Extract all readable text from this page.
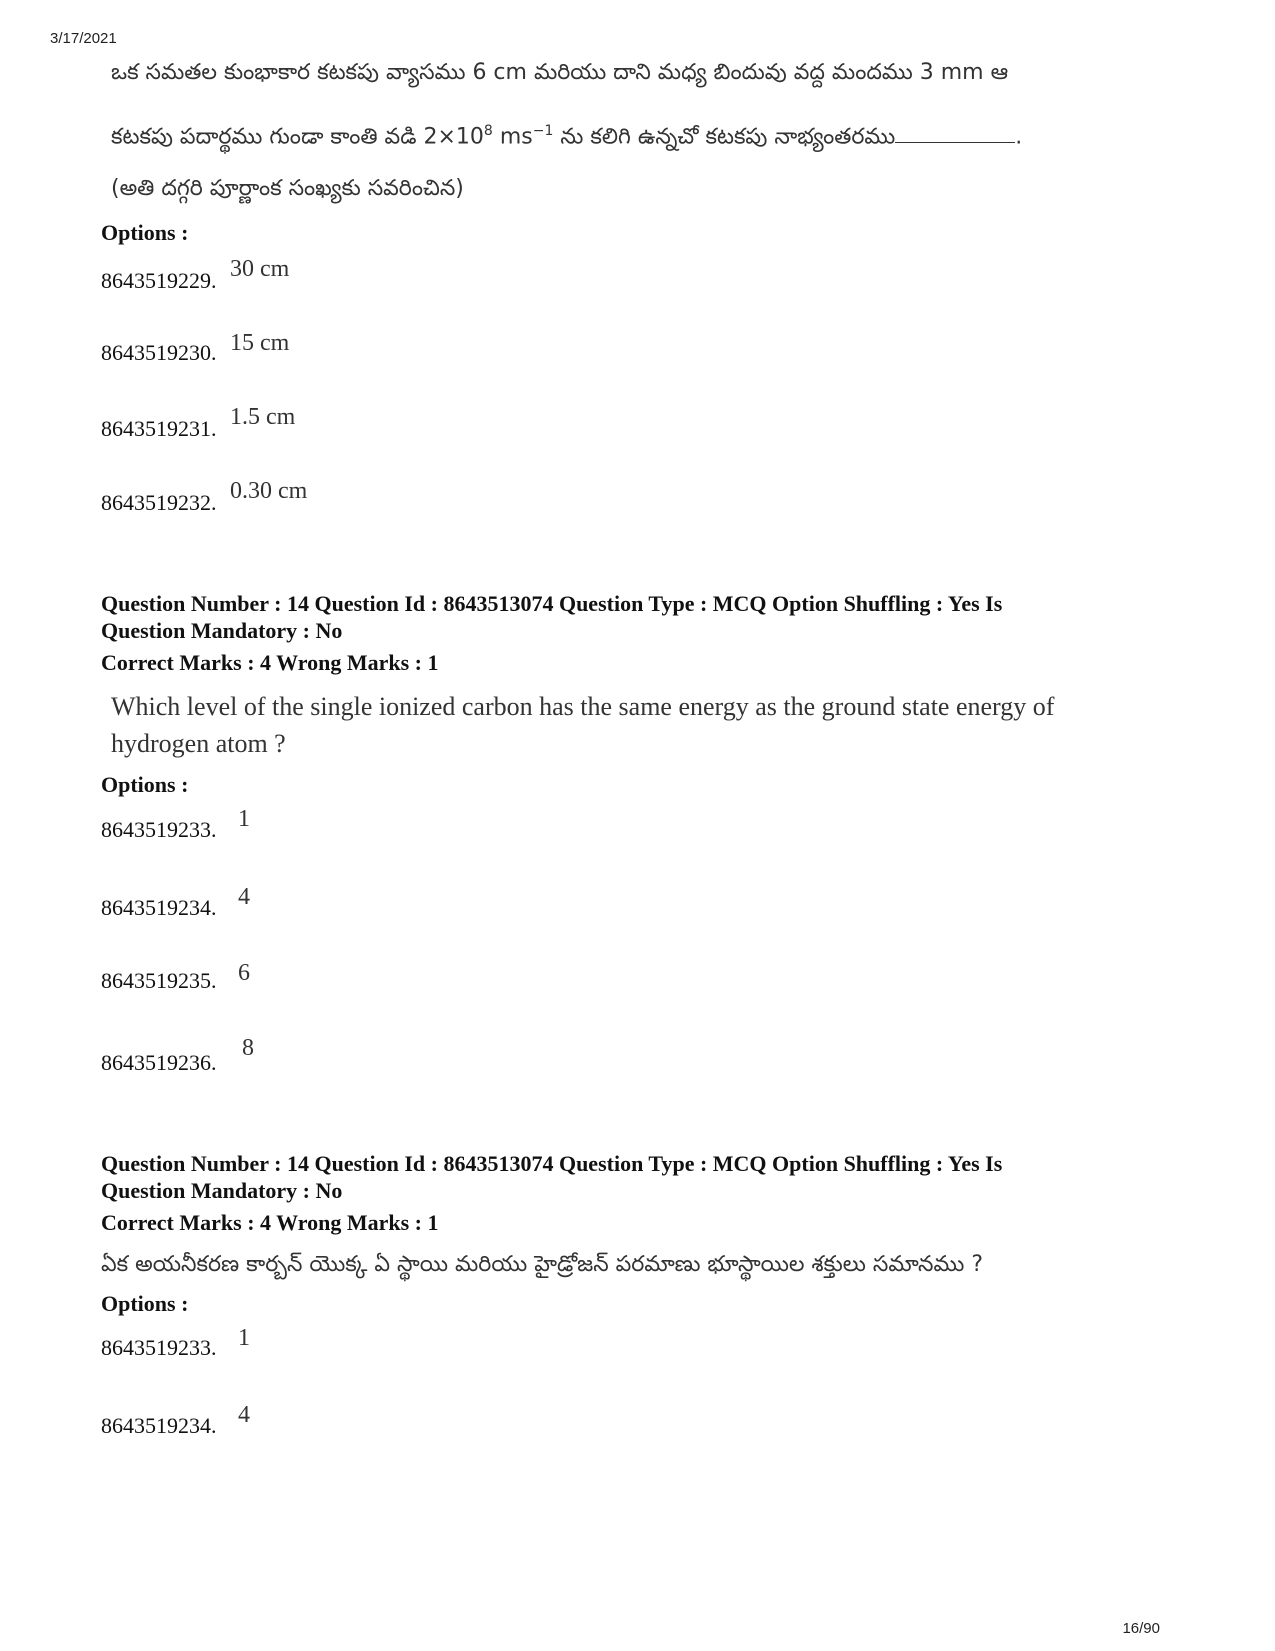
3/17/2021
ఒక సమతల కుంభాకార కటకపు వ్యాసము 6 cm మరియు దాని మధ్య బిందువు వద్ద మందము 3 mm ఆ
కటకపు పదార్థము గుండా కాంతి వడి $2\times 10^8$ $ms^{-1}$ ను కలిగి ఉన్నచో కటకపు నాభ్యంతరము	.
(అతి దగ్గరి పూర్ణాంక సంఖ్యకు సవరించిన)
Options :
8643519229. 30 cm
8643519230. 15 cm
8643519231. 1.5 cm
8643519232. 0.30 cm
Question Number : 14 Question Id : 8643513074 Question Type : MCQ Option Shuffling : Yes Is
Question Mandatory : No
Correct Marks : 4 Wrong Marks : 1
Which level of the single ionized carbon has the same energy as the ground state energy of
hydrogen atom ?
Options :
8643519233. 1
8643519234. 4
8643519235. 6
8643519236.
8
Question Number : 14 Question Id : 8643513074 Question Type : MCQ Option Shuffling : Yes Is
Question Mandatory : No
Correct Marks : 4 Wrong Marks : 1
ఏక అయనీకరణ కార్బన్ యొక్క ఏ స్థాయి మరియు హైడ్రోజన్ పరమాణు భూస్థాయిల శక్తులు సమానము ?
Options :
8643519233. 1
8643519234. 4
16/90
